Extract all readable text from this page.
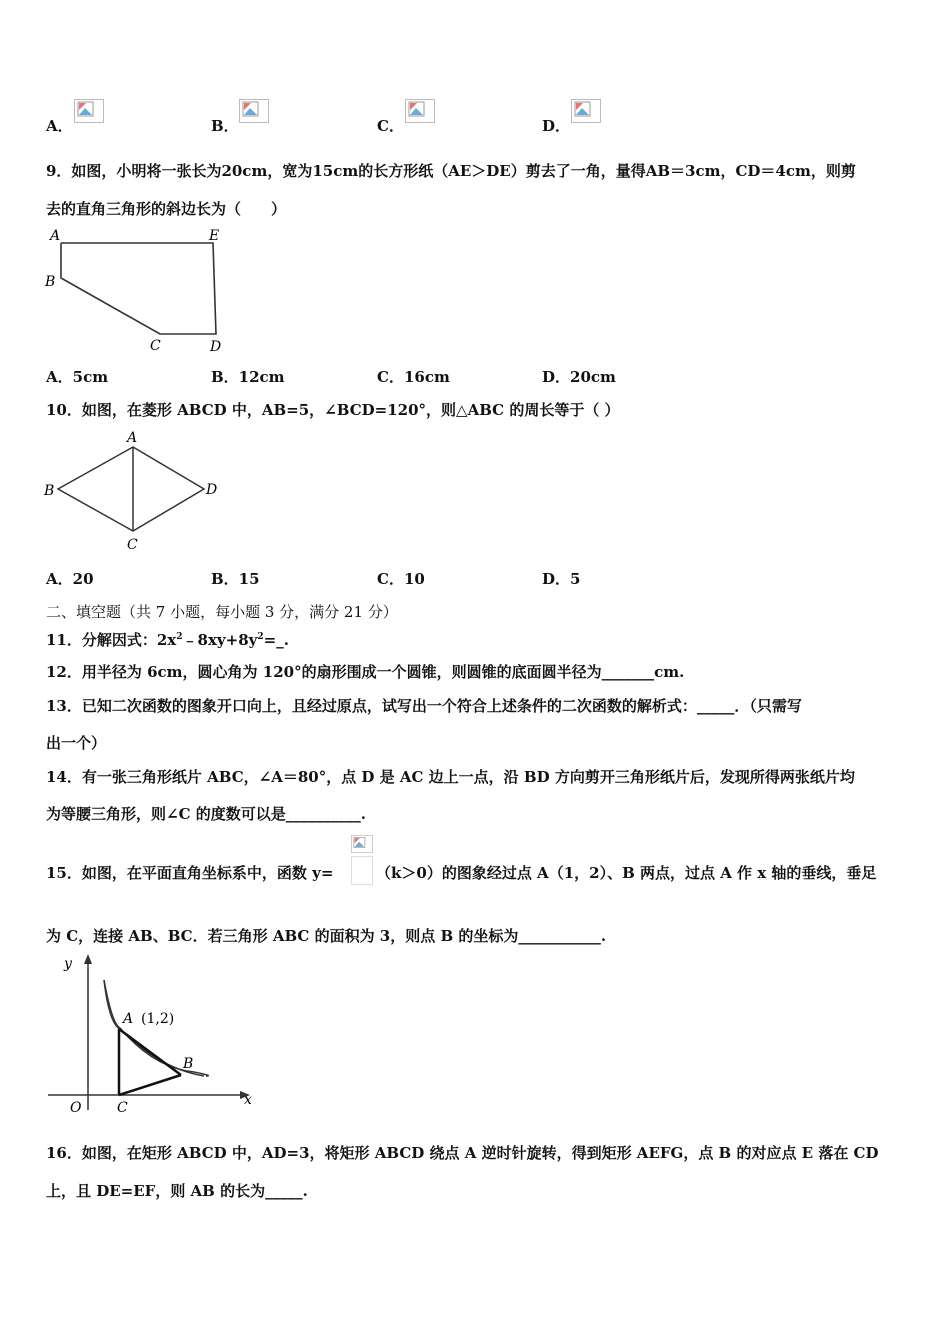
A．	B．	C．	D．
9．如图，小明将一张长为20cm，宽为15cm的长方形纸（AE＞DE）剪去了一角，量得AB＝3cm，CD＝4cm，则剪
去的直角三角形的斜边长为（　　）
A	E
B
C	D
A．5cm	B．12cm	C．16cm	D．20cm
10．如图，在菱形 ABCD 中，AB=5，∠BCD=120°，则△ABC 的周长等于（ ）
A
B
C
D
A．20	B．15	C．10	D．5
二、填空题（共 7 小题，每小题 3 分，满分 21 分）
11．分解因式：$2x^2﹣8xy+8y^2=\_$.
12．用半径为 6cm，圆心角为 120°的扇形围成一个圆锥，则圆锥的底面圆半径为_______cm.
13．已知二次函数的图象开口向上，且经过原点，试写出一个符合上述条件的二次函数的解析式：_____．（只需写
出一个）
14．有一张三角形纸片 ABC，∠A＝80°，点 D 是 AC 边上一点，沿 BD 方向剪开三角形纸片后，发现所得两张纸片均
为等腰三角形，则∠C 的度数可以是__________.
15．如图，在平面直角坐标系中，函数 y=	（k＞0）的图象经过点 A（1，2）、B 两点，过点 A 作 x 轴的垂线，垂足
为 C，连接 AB、BC．若三角形 ABC 的面积为 3，则点 B 的坐标为___________.
y
x
O	C
A (1,2)
B
16．如图，在矩形 ABCD 中，AD=3，将矩形 ABCD 绕点 A 逆时针旋转，得到矩形 AEFG，点 B 的对应点 E 落在 CD
上，且 DE=EF，则 AB 的长为_____.
